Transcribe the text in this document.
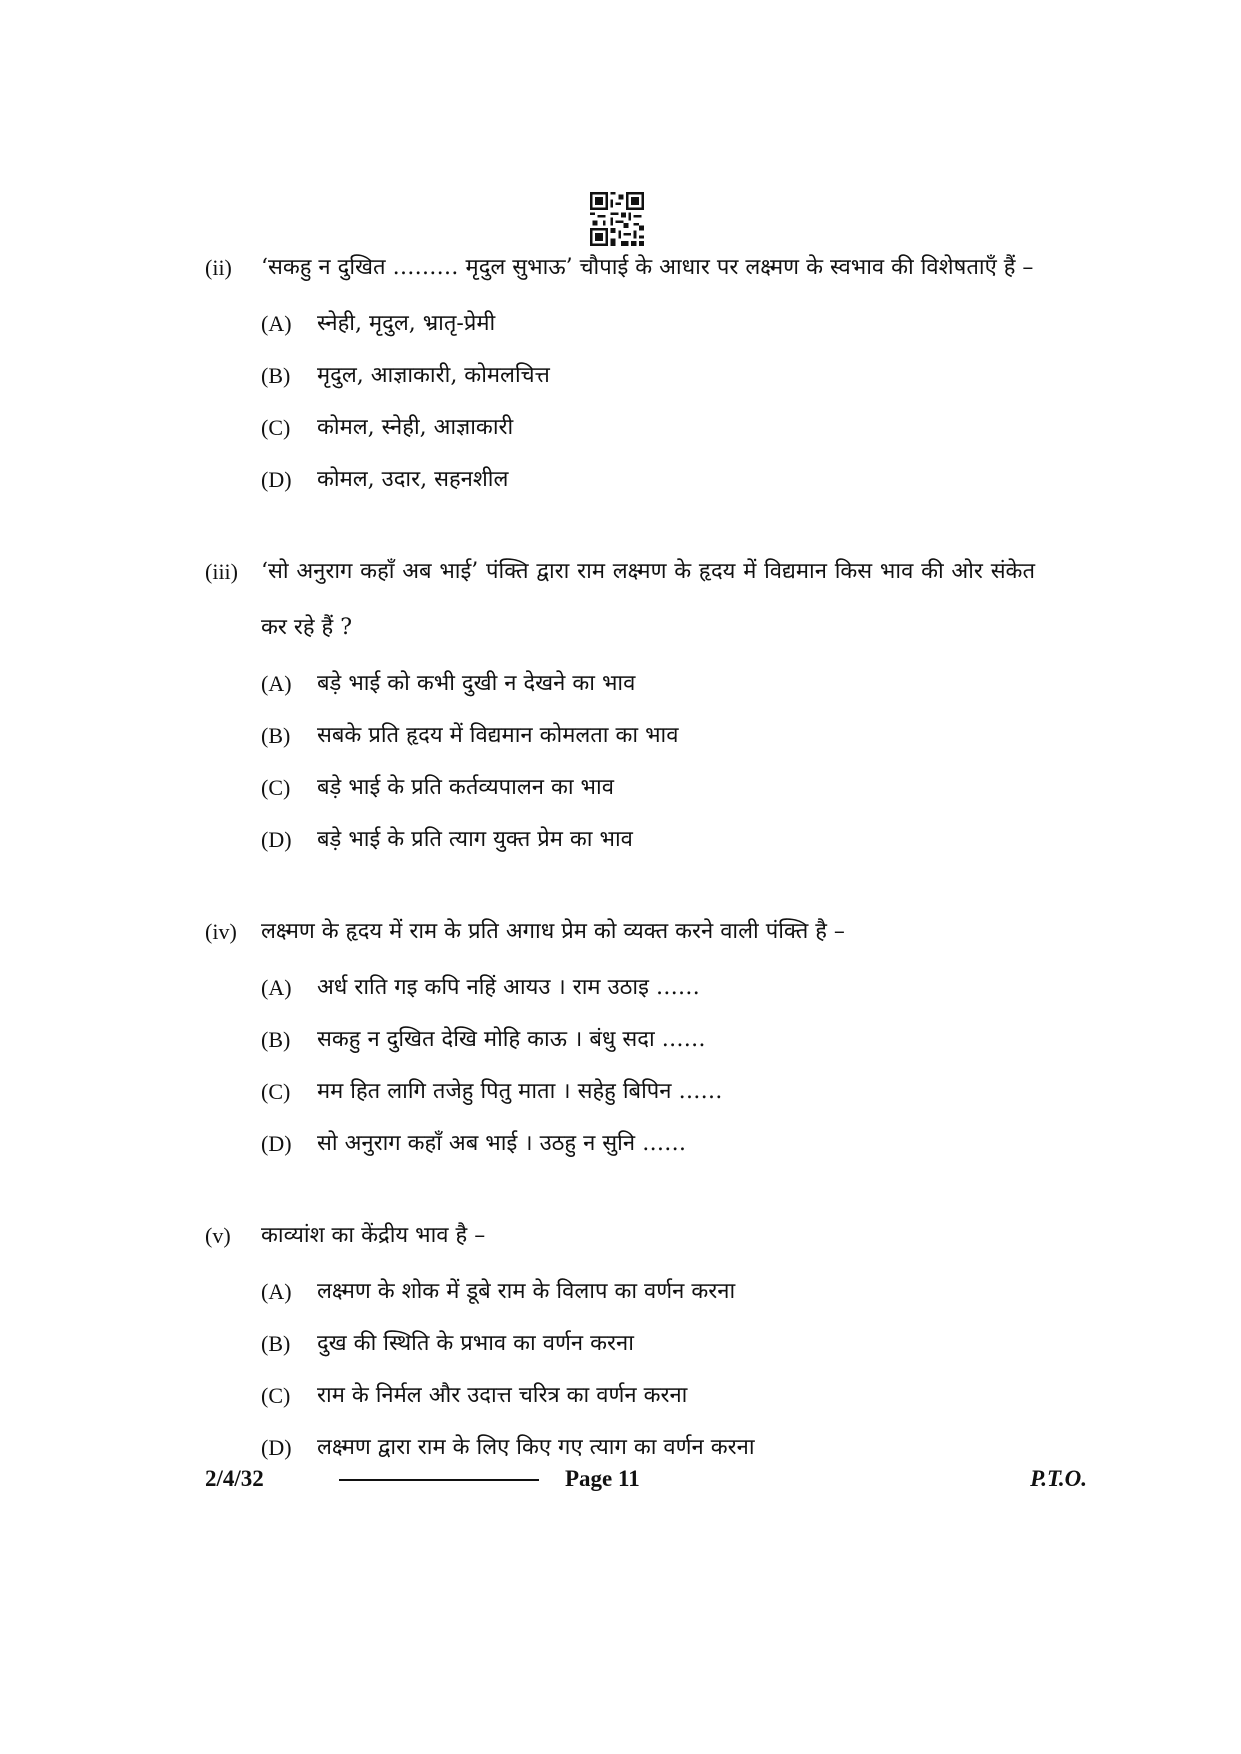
(ii)	‘सकहु न दुखित ……… मृदुल सुभाऊ’ चौपाई के आधार पर लक्ष्मण के स्वभाव की विशेषताएँ हैं –
(A)	स्नेही, मृदुल, भ्रातृ-प्रेमी
(B)	मृदुल, आज्ञाकारी, कोमलचित्त
(C)	कोमल, स्नेही, आज्ञाकारी
(D)	कोमल, उदार, सहनशील
(iii)	‘सो अनुराग कहाँ अब भाई’ पंक्ति द्वारा राम लक्ष्मण के हृदय में विद्यमान किस भाव की ओर संकेत कर रहे हैं ?
(A)	बड़े भाई को कभी दुखी न देखने का भाव
(B)	सबके प्रति हृदय में विद्यमान कोमलता का भाव
(C)	बड़े भाई के प्रति कर्तव्यपालन का भाव
(D)	बड़े भाई के प्रति त्याग युक्त प्रेम का भाव
(iv)	लक्ष्मण के हृदय में राम के प्रति अगाध प्रेम को व्यक्त करने वाली पंक्ति है –
(A)	अर्ध राति गइ कपि नहिं आयउ । राम उठाइ ……
(B)	सकहु न दुखित देखि मोहि काऊ । बंधु सदा ……
(C)	मम हित लागि तजेहु पितु माता । सहेहु बिपिन ……
(D)	सो अनुराग कहाँ अब भाई । उठहु न सुनि ……
(v)	काव्यांश का केंद्रीय भाव है –
(A)	लक्ष्मण के शोक में डूबे राम के विलाप का वर्णन करना
(B)	दुख की स्थिति के प्रभाव का वर्णन करना
(C)	राम के निर्मल और उदात्त चरित्र का वर्णन करना
(D)	लक्ष्मण द्वारा राम के लिए किए गए त्याग का वर्णन करना
2/4/32	Page 11	P.T.O.
